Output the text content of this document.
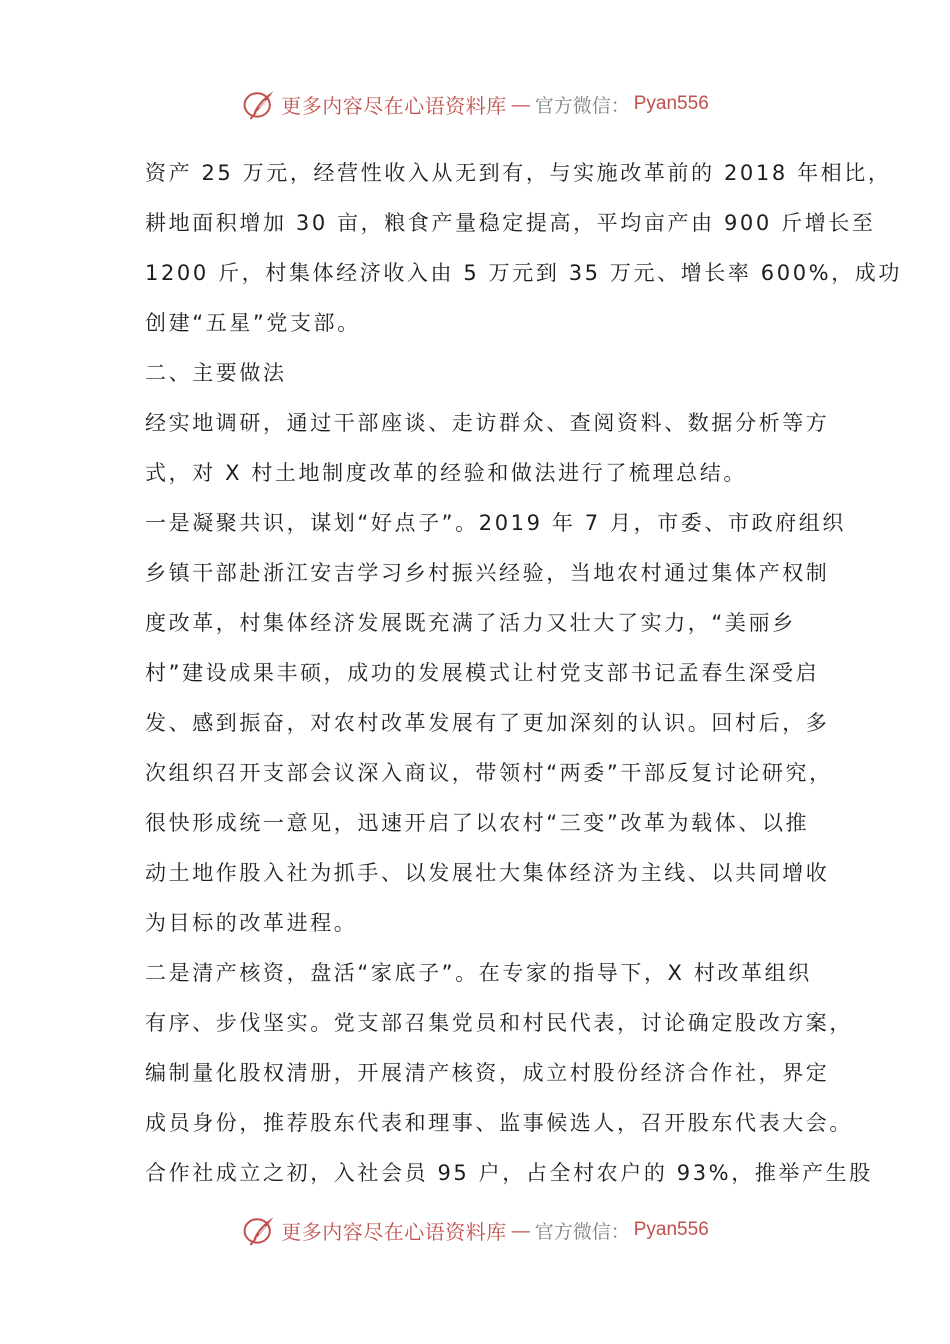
更多内容尽在心语资料库 — 官方微信： Pyan556
资产 25 万元，经营性收入从无到有，与实施改革前的 2018 年相比，
耕地面积增加 30 亩，粮食产量稳定提高，平均亩产由 900 斤增长至
1200 斤，村集体经济收入由 5 万元到 35 万元、增长率 600%，成功
创建“五星”党支部。
二、主要做法
经实地调研，通过干部座谈、走访群众、查阅资料、数据分析等方
式，对 X 村土地制度改革的经验和做法进行了梳理总结。
一是凝聚共识，谋划“好点子”。2019 年 7 月，市委、市政府组织
乡镇干部赴浙江安吉学习乡村振兴经验，当地农村通过集体产权制
度改革，村集体经济发展既充满了活力又壮大了实力，“美丽乡
村”建设成果丰硕，成功的发展模式让村党支部书记孟春生深受启
发、感到振奋，对农村改革发展有了更加深刻的认识。回村后，多
次组织召开支部会议深入商议，带领村“两委”干部反复讨论研究，
很快形成统一意见，迅速开启了以农村“三变”改革为载体、以推
动土地作股入社为抓手、以发展壮大集体经济为主线、以共同增收
为目标的改革进程。
二是清产核资，盘活“家底子”。在专家的指导下，X 村改革组织
有序、步伐坚实。党支部召集党员和村民代表，讨论确定股改方案，
编制量化股权清册，开展清产核资，成立村股份经济合作社，界定
成员身份，推荐股东代表和理事、监事候选人，召开股东代表大会。
合作社成立之初，入社会员 95 户，占全村农户的 93%，推举产生股
更多内容尽在心语资料库 — 官方微信： Pyan556
